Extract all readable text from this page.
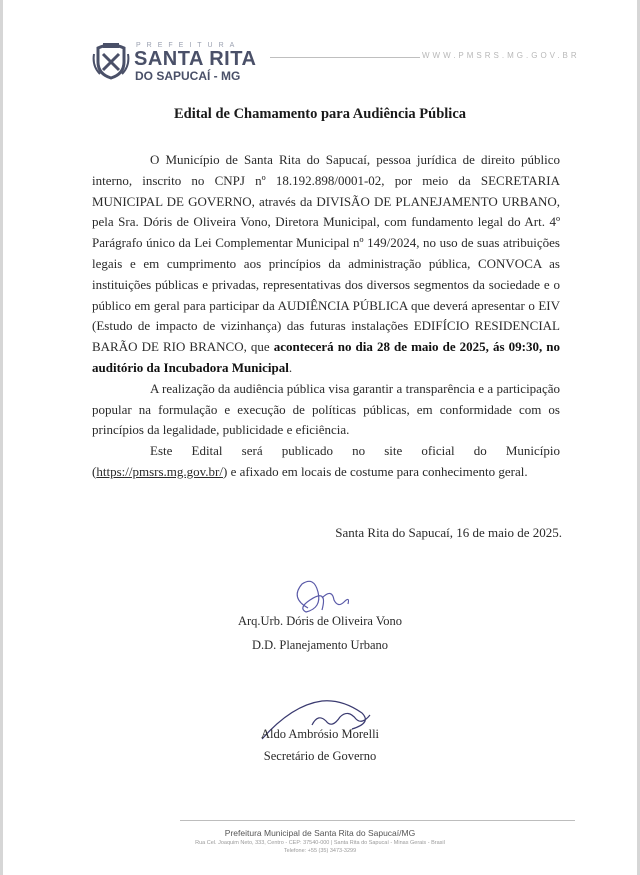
PREFEITURA
SANTA RITA
DO SAPUCAÍ - MG
WWW.PMSRS.MG.GOV.BR
Edital de Chamamento para Audiência Pública

O Município de Santa Rita do Sapucaí, pessoa jurídica de direito público interno, inscrito no CNPJ nº 18.192.898/0001-02, por meio da SECRETARIA MUNICIPAL DE GOVERNO, através da DIVISÃO DE PLANEJAMENTO URBANO, pela Sra. Dóris de Oliveira Vono, Diretora Municipal, com fundamento legal do Art. 4º Parágrafo único da Lei Complementar Municipal nº 149/2024, no uso de suas atribuições legais e em cumprimento aos princípios da administração pública, CONVOCA as instituições públicas e privadas, representativas dos diversos segmentos da sociedade e o público em geral para participar da AUDIÊNCIA PÚBLICA que deverá apresentar o EIV (Estudo de impacto de vizinhança) das futuras instalações EDIFÍCIO RESIDENCIAL BARÃO DE RIO BRANCO, que acontecerá no dia 28 de maio de 2025, ás 09:30, no auditório da Incubadora Municipal.

A realização da audiência pública visa garantir a transparência e a participação popular na formulação e execução de políticas públicas, em conformidade com os princípios da legalidade, publicidade e eficiência.

Este Edital será publicado no site oficial do Município (https://pmsrs.mg.gov.br/) e afixado em locais de costume para conhecimento geral.

Santa Rita do Sapucaí, 16 de maio de 2025.
Arq.Urb. Dóris de Oliveira Vono
D.D. Planejamento Urbano
Aldo Ambrósio Morelli
Secretário de Governo
Prefeitura Municipal de Santa Rita do Sapucaí/MG
Rua Cel. Joaquim Neto, 333, Centro - CEP: 37540-000 | Santa Rita do Sapucaí - Minas Gerais - Brasil
Telefone: +55 (35) 3473-3299
